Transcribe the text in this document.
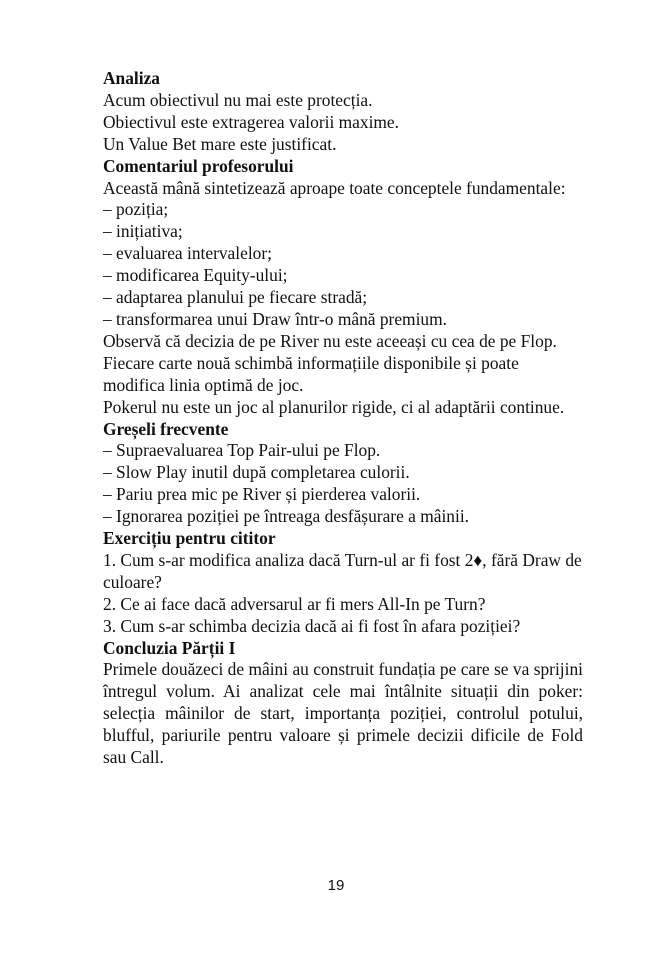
Analiza

Acum obiectivul nu mai este protecția.

Obiectivul este extragerea valorii maxime.

Un Value Bet mare este justificat.

Comentariul profesorului

Această mână sintetizează aproape toate conceptele fundamentale:

– poziția;

– inițiativa;

– evaluarea intervalelor;

– modificarea Equity-ului;

– adaptarea planului pe fiecare stradă;

– transformarea unui Draw într-o mână premium.

Observă că decizia de pe River nu este aceeași cu cea de pe Flop.

Fiecare carte nouă schimbă informațiile disponibile și poate modifica linia optimă de joc.

Pokerul nu este un joc al planurilor rigide, ci al adaptării continue.

Greșeli frecvente

– Supraevaluarea Top Pair-ului pe Flop.

– Slow Play inutil după completarea culorii.

– Pariu prea mic pe River și pierderea valorii.

– Ignorarea poziției pe întreaga desfășurare a mâinii.

Exercițiu pentru cititor

1. Cum s-ar modifica analiza dacă Turn-ul ar fi fost 2♦, fără Draw de culoare?

2. Ce ai face dacă adversarul ar fi mers All-In pe Turn?

3. Cum s-ar schimba decizia dacă ai fi fost în afara poziției?

Concluzia Părții I

Primele douăzeci de mâini au construit fundația pe care se va sprijini întregul volum. Ai analizat cele mai întâlnite situații din poker: selecția mâinilor de start, importanța poziției, controlul potului, blufful, pariurile pentru valoare și primele decizii dificile de Fold sau Call.

19
